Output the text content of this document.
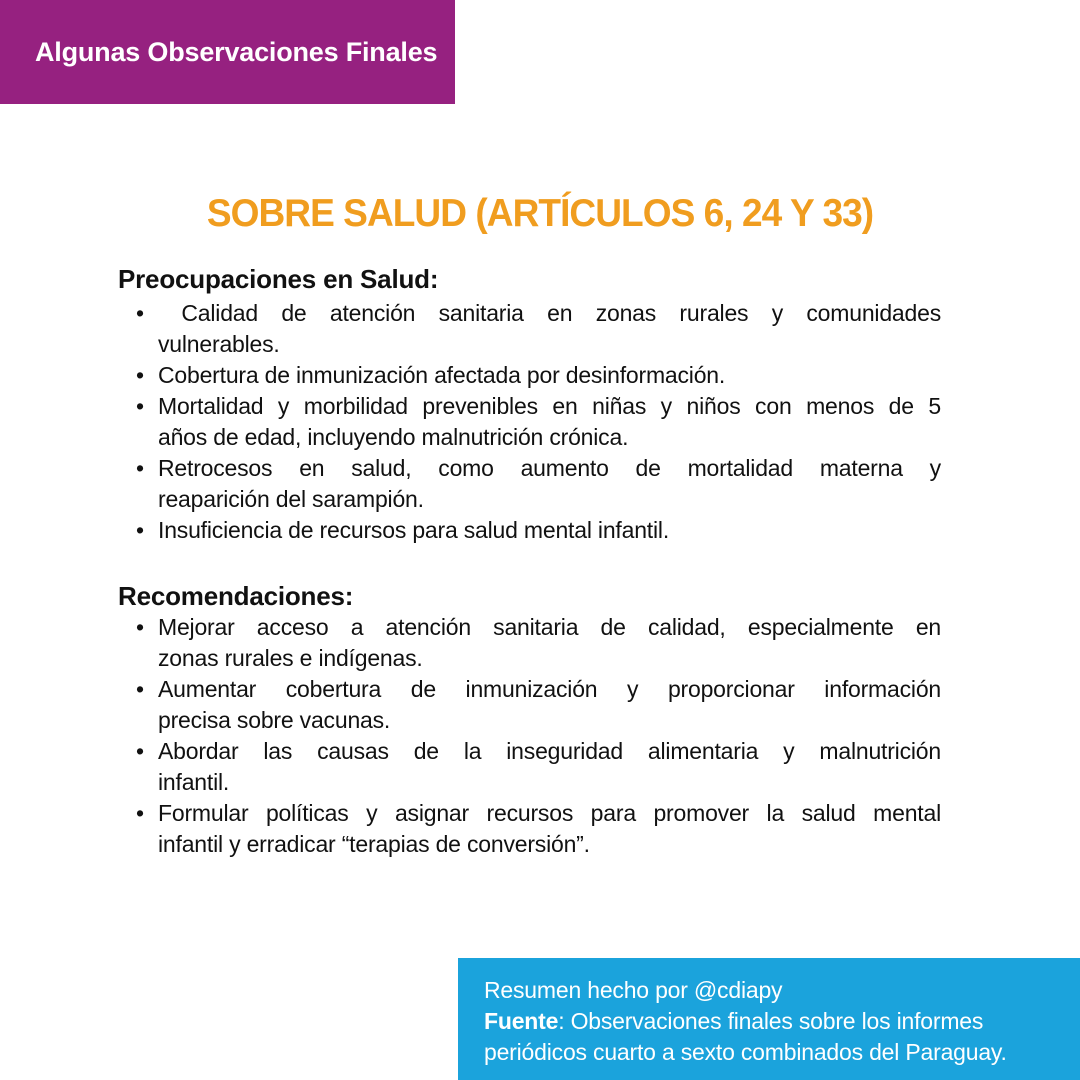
Algunas Observaciones Finales
SOBRE SALUD (ARTÍCULOS 6, 24 Y 33)
Preocupaciones en Salud:
• Calidad de atención sanitaria en zonas rurales y comunidades
vulnerables.
• Cobertura de inmunización afectada por desinformación.
• Mortalidad y morbilidad prevenibles en niñas y niños con menos de 5
años de edad, incluyendo malnutrición crónica.
• Retrocesos en salud, como aumento de mortalidad materna y
reaparición del sarampión.
• Insuficiencia de recursos para salud mental infantil.
Recomendaciones:
• Mejorar acceso a atención sanitaria de calidad, especialmente en
zonas rurales e indígenas.
• Aumentar cobertura de inmunización y proporcionar información
precisa sobre vacunas.
• Abordar las causas de la inseguridad alimentaria y malnutrición
infantil.
• Formular políticas y asignar recursos para promover la salud mental
infantil y erradicar “terapias de conversión”.
Resumen hecho por @cdiapy
Fuente: Observaciones finales sobre los informes
periódicos cuarto a sexto combinados del Paraguay.
